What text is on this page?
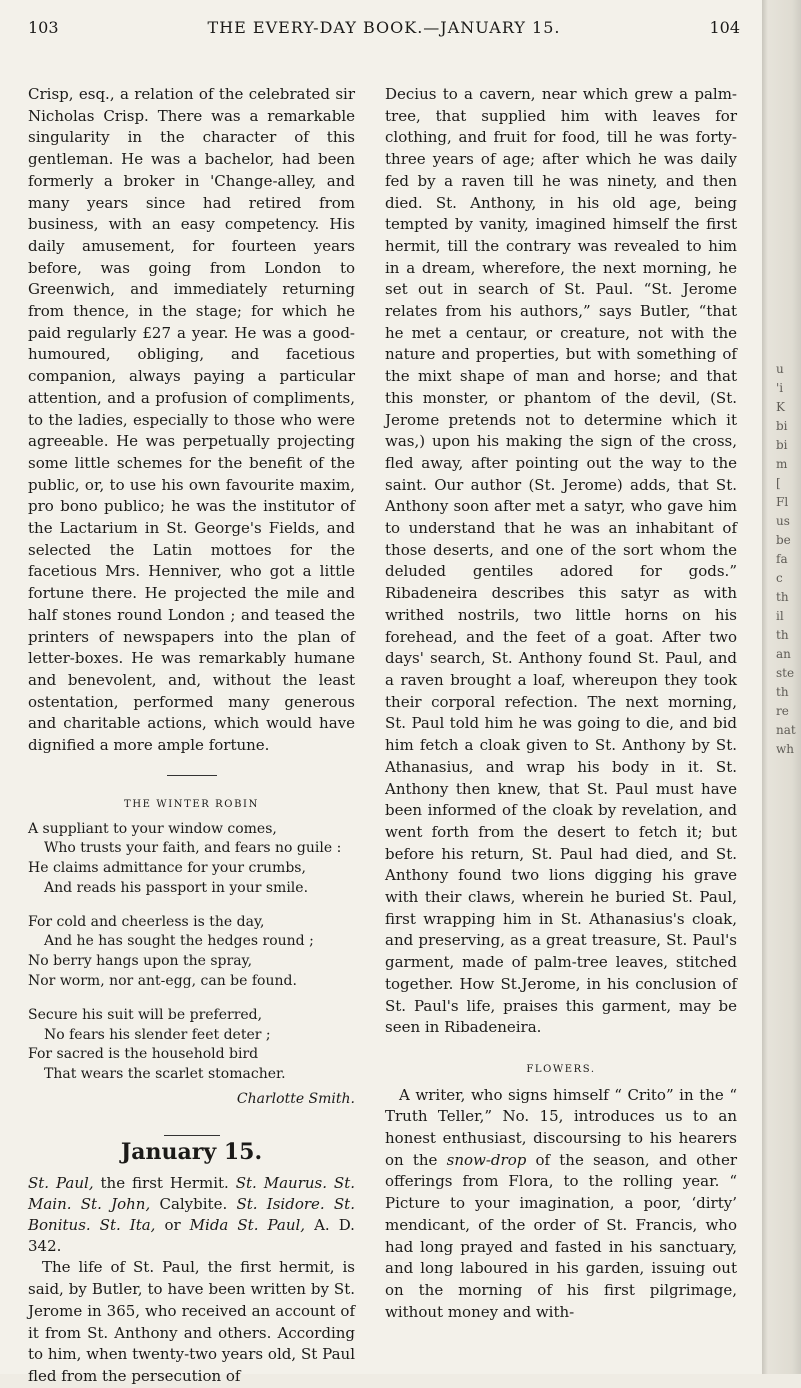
103	THE EVERY-DAY BOOK.—JANUARY 15.	104

Crisp, esq., a relation of the celebrated sir Nicholas Crisp. There was a remarkable singularity in the character of this gentleman. He was a bachelor, had been formerly a broker in 'Change-alley, and many years since had retired from business, with an easy competency. His daily amusement, for fourteen years before, was going from London to Greenwich, and immediately returning from thence, in the stage; for which he paid regularly £27 a year. He was a good-humoured, obliging, and facetious companion, always paying a particular attention, and a profusion of compliments, to the ladies, especially to those who were agreeable. He was perpetually projecting some little schemes for the benefit of the public, or, to use his own favourite maxim, pro bono publico; he was the institutor of the Lactarium in St. George's Fields, and selected the Latin mottoes for the facetious Mrs. Henniver, who got a little fortune there. He projected the mile and half stones round London ; and teased the printers of newspapers into the plan of letter-boxes. He was remarkably humane and benevolent, and, without the least ostentation, performed many generous and charitable actions, which would have dignified a more ample fortune.

THE WINTER ROBIN
A suppliant to your window comes,
Who trusts your faith, and fears no guile :
He claims admittance for your crumbs,
And reads his passport in your smile.
For cold and cheerless is the day,
And he has sought the hedges round ;
No berry hangs upon the spray,
Nor worm, nor ant-egg, can be found.
Secure his suit will be preferred,
No fears his slender feet deter ;
For sacred is the household bird
That wears the scarlet stomacher.
Charlotte Smith.
January 15.

St. Paul, the first Hermit. St. Maurus. St. Main. St. John, Calybite. St. Isidore. St. Bonitus. St. Ita, or Mida St. Paul, A. D. 342.

The life of St. Paul, the first hermit, is said, by Butler, to have been written by St. Jerome in 365, who received an account of it from St. Anthony and others. According to him, when twenty-two years old, St Paul fled from the persecution of

Decius to a cavern, near which grew a palm-tree, that supplied him with leaves for clothing, and fruit for food, till he was forty-three years of age; after which he was daily fed by a raven till he was ninety, and then died. St. Anthony, in his old age, being tempted by vanity, imagined himself the first hermit, till the contrary was revealed to him in a dream, wherefore, the next morning, he set out in search of St. Paul. “St. Jerome relates from his authors,” says Butler, “that he met a centaur, or creature, not with the nature and properties, but with something of the mixt shape of man and horse; and that this monster, or phantom of the devil, (St. Jerome pretends not to determine which it was,) upon his making the sign of the cross, fled away, after pointing out the way to the saint. Our author (St. Jerome) adds, that St. Anthony soon after met a satyr, who gave him to understand that he was an inhabitant of those deserts, and one of the sort whom the deluded gentiles adored for gods.” Ribadeneira describes this satyr as with writhed nostrils, two little horns on his forehead, and the feet of a goat. After two days' search, St. Anthony found St. Paul, and a raven brought a loaf, whereupon they took their corporal refection. The next morning, St. Paul told him he was going to die, and bid him fetch a cloak given to St. Anthony by St. Athanasius, and wrap his body in it. St. Anthony then knew, that St. Paul must have been informed of the cloak by revelation, and went forth from the desert to fetch it; but before his return, St. Paul had died, and St. Anthony found two lions digging his grave with their claws, wherein he buried St. Paul, first wrapping him in St. Athanasius's cloak, and preserving, as a great treasure, St. Paul's garment, made of palm-tree leaves, stitched together. How St.Jerome, in his conclusion of St. Paul's life, praises this garment, may be seen in Ribadeneira.

FLOWERS.

A writer, who signs himself “ Crito” in the “ Truth Teller,” No. 15, introduces us to an honest enthusiast, discoursing to his hearers on the snow-drop of the season, and other offerings from Flora, to the rolling year. “ Picture to your imagination, a poor, ‘dirty’ mendicant, of the order of St. Francis, who had long prayed and fasted in his sanctuary, and long laboured in his garden, issuing out on the morning of his first pilgrimage, without money and with-

u
'i
K
bi
bi
m
[
Fl
us
be
fa
c
th
il
th
an
ste
th
re
nat
wh
